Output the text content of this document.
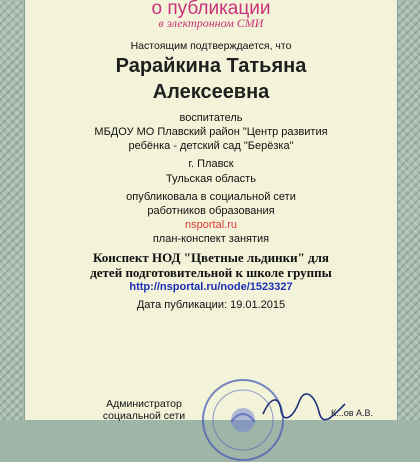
о публикации
в электронном СМИ
Настоящим подтверждается, что
Рарайкина Татьяна
Алексеевна
воспитатель
МБДОУ МО Плавский район "Центр развития
ребёнка - детский сад "Берёзка"
г. Плавск
Тульская область
опубликовала в социальной сети
работников образования
nsportal.ru
план-конспект занятия
Конспект НОД "Цветные льдинки" для
детей подготовительной к школе группы
http://nsportal.ru/node/1523327
Дата публикации: 19.01.2015
Администратор
социальной сети	К...ов А.В.
